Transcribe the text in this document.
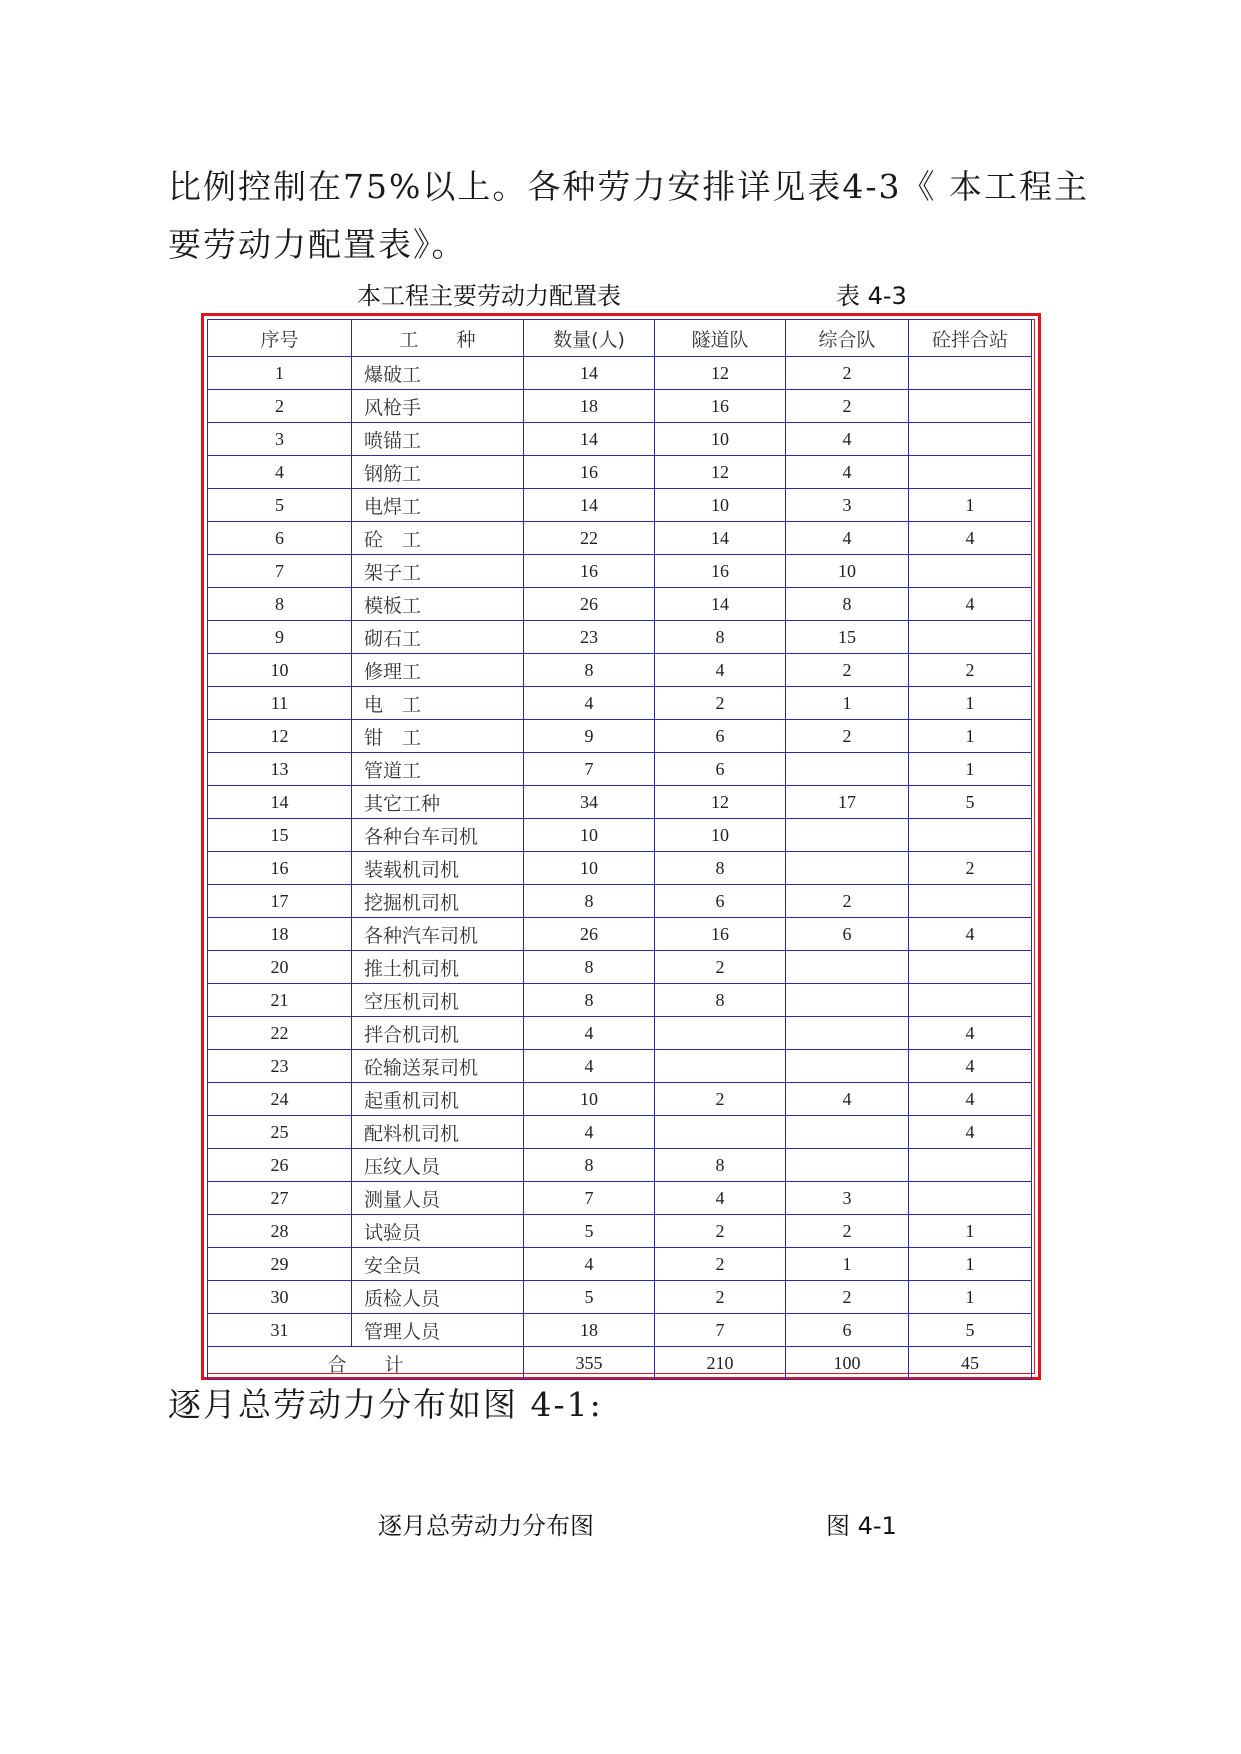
比例控制在75%以上。各种劳力安排详见表4-3《 本工程主要劳动力配置表》。

本工程主要劳动力配置表	表 4-3
序号	工　　种	数量(人)	隧道队	综合队	砼拌合站
1	爆破工	14	12	2	
2	风枪手	18	16	2	
3	喷锚工	14	10	4	
4	钢筋工	16	12	4	
5	电焊工	14	10	3	1
6	砼　工	22	14	4	4
7	架子工	16	16	10	
8	模板工	26	14	8	4
9	砌石工	23	8	15	
10	修理工	8	4	2	2
11	电　工	4	2	1	1
12	钳　工	9	6	2	1
13	管道工	7	6		1
14	其它工种	34	12	17	5
15	各种台车司机	10	10		
16	装载机司机	10	8		2
17	挖掘机司机	8	6	2	
18	各种汽车司机	26	16	6	4
20	推土机司机	8	2		
21	空压机司机	8	8		
22	拌合机司机	4			4
23	砼输送泵司机	4			4
24	起重机司机	10	2	4	4
25	配料机司机	4			4
26	压纹人员	8	8		
27	测量人员	7	4	3	
28	试验员	5	2	2	1
29	安全员	4	2	1	1
30	质检人员	5	2	2	1
31	管理人员	18	7	6	5
合　　计		355	210	100	45

逐月总劳动力分布如图 4-1:

逐月总劳动力分布图	图 4-1
